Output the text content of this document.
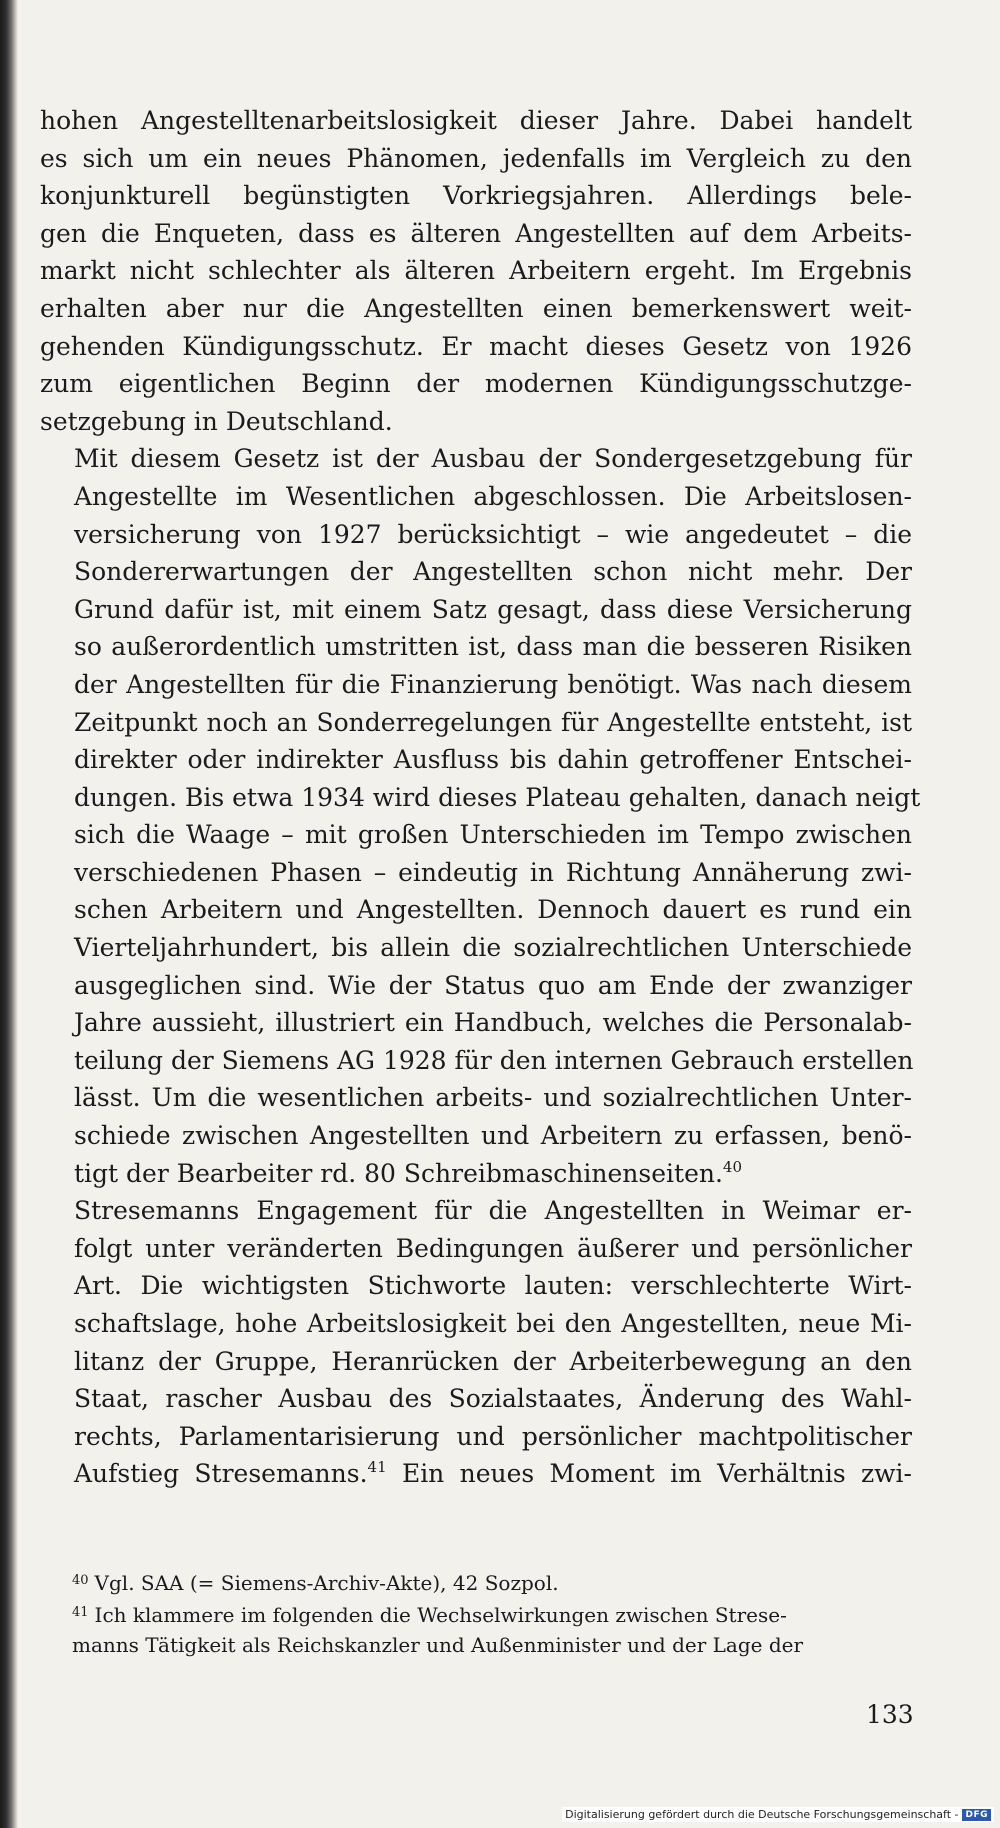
hohen Angestelltenarbeitslosigkeit dieser Jahre. Dabei handelt
es sich um ein neues Phänomen, jedenfalls im Vergleich zu den
konjunkturell begünstigten Vorkriegsjahren. Allerdings bele-
gen die Enqueten, dass es älteren Angestellten auf dem Arbeits-
markt nicht schlechter als älteren Arbeitern ergeht. Im Ergebnis
erhalten aber nur die Angestellten einen bemerkenswert weit-
gehenden Kündigungsschutz. Er macht dieses Gesetz von 1926
zum eigentlichen Beginn der modernen Kündigungsschutzge-
setzgebung in Deutschland.

Mit diesem Gesetz ist der Ausbau der Sondergesetzgebung für
Angestellte im Wesentlichen abgeschlossen. Die Arbeitslosen-
versicherung von 1927 berücksichtigt – wie angedeutet – die
Sondererwartungen der Angestellten schon nicht mehr. Der
Grund dafür ist, mit einem Satz gesagt, dass diese Versicherung
so außerordentlich umstritten ist, dass man die besseren Risiken
der Angestellten für die Finanzierung benötigt. Was nach diesem
Zeitpunkt noch an Sonderregelungen für Angestellte entsteht, ist
direkter oder indirekter Ausfluss bis dahin getroffener Entschei-
dungen. Bis etwa 1934 wird dieses Plateau gehalten, danach neigt
sich die Waage – mit großen Unterschieden im Tempo zwischen
verschiedenen Phasen – eindeutig in Richtung Annäherung zwi-
schen Arbeitern und Angestellten. Dennoch dauert es rund ein
Vierteljahrhundert, bis allein die sozialrechtlichen Unterschiede
ausgeglichen sind. Wie der Status quo am Ende der zwanziger
Jahre aussieht, illustriert ein Handbuch, welches die Personalab-
teilung der Siemens AG 1928 für den internen Gebrauch erstellen
lässt. Um die wesentlichen arbeits- und sozialrechtlichen Unter-
schiede zwischen Angestellten und Arbeitern zu erfassen, benö-
tigt der Bearbeiter rd. 80 Schreibmaschinenseiten.$^{40}$

Stresemanns Engagement für die Angestellten in Weimar er-
folgt unter veränderten Bedingungen äußerer und persönlicher
Art. Die wichtigsten Stichworte lauten: verschlechterte Wirt-
schaftslage, hohe Arbeitslosigkeit bei den Angestellten, neue Mi-
litanz der Gruppe, Heranrücken der Arbeiterbewegung an den
Staat, rascher Ausbau des Sozialstaates, Änderung des Wahl-
rechts, Parlamentarisierung und persönlicher machtpolitischer
Aufstieg Stresemanns.$^{41}$ Ein neues Moment im Verhältnis zwi-

$^{40}$ Vgl. SAA (= Siemens-Archiv-Akte), 42 Sozpol.
$^{41}$ Ich klammere im folgenden die Wechselwirkungen zwischen Strese-
manns Tätigkeit als Reichskanzler und Außenminister und der Lage der
133
Digitalisierung gefördert durch die Deutsche Forschungsgemeinschaft - DFG
